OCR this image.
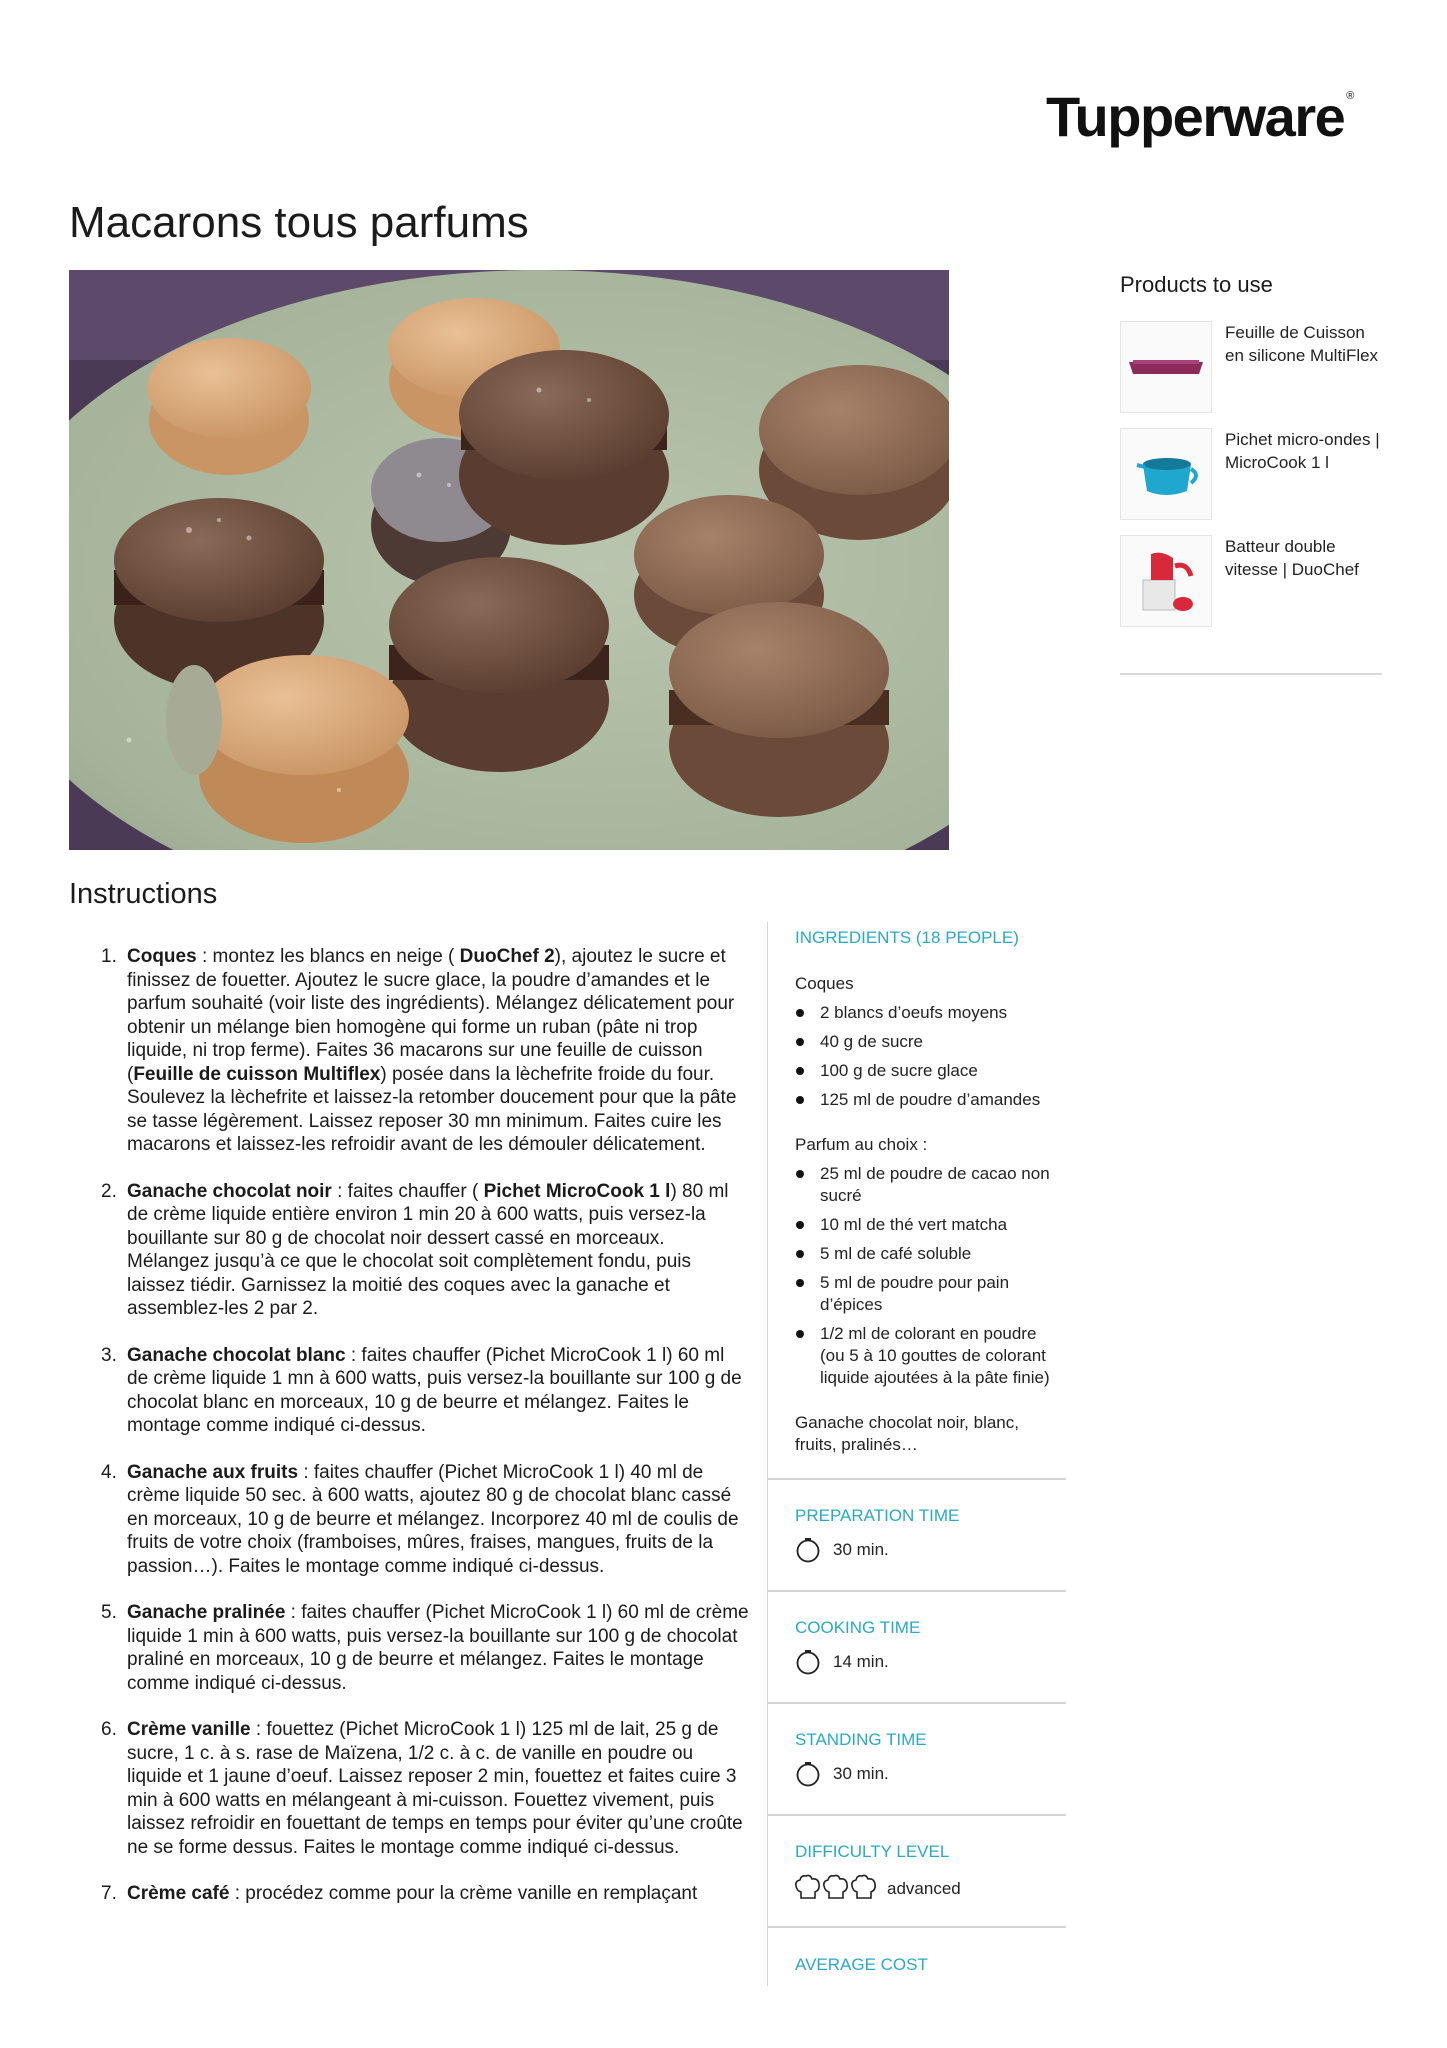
Tupperware ®
Macarons tous parfums
Products to use
Feuille de Cuisson en silicone MultiFlex
Pichet micro-ondes | MicroCook 1 l
Batteur double vitesse | DuoChef
Instructions
1. Coques : montez les blancs en neige ( DuoChef 2), ajoutez le sucre et finissez de fouetter. Ajoutez le sucre glace, la poudre d’amandes et le parfum souhaité (voir liste des ingrédients). Mélangez délicatement pour obtenir un mélange bien homogène qui forme un ruban (pâte ni trop liquide, ni trop ferme). Faites 36 macarons sur une feuille de cuisson (Feuille de cuisson Multiflex) posée dans la lèchefrite froide du four. Soulevez la lèchefrite et laissez-la retomber doucement pour que la pâte se tasse légèrement. Laissez reposer 30 mn minimum. Faites cuire les macarons et laissez-les refroidir avant de les démouler délicatement.
2. Ganache chocolat noir : faites chauffer ( Pichet MicroCook 1 l) 80 ml de crème liquide entière environ 1 min 20 à 600 watts, puis versez-la bouillante sur 80 g de chocolat noir dessert cassé en morceaux. Mélangez jusqu’à ce que le chocolat soit complètement fondu, puis laissez tiédir. Garnissez la moitié des coques avec la ganache et assemblez-les 2 par 2.
3. Ganache chocolat blanc : faites chauffer (Pichet MicroCook 1 l) 60 ml de crème liquide 1 mn à 600 watts, puis versez-la bouillante sur 100 g de chocolat blanc en morceaux, 10 g de beurre et mélangez. Faites le montage comme indiqué ci-dessus.
4. Ganache aux fruits : faites chauffer (Pichet MicroCook 1 l) 40 ml de crème liquide 50 sec. à 600 watts, ajoutez 80 g de chocolat blanc cassé en morceaux, 10 g de beurre et mélangez. Incorporez 40 ml de coulis de fruits de votre choix (framboises, mûres, fraises, mangues, fruits de la passion…). Faites le montage comme indiqué ci-dessus.
5. Ganache pralinée : faites chauffer (Pichet MicroCook 1 l) 60 ml de crème liquide 1 min à 600 watts, puis versez-la bouillante sur 100 g de chocolat praliné en morceaux, 10 g de beurre et mélangez. Faites le montage comme indiqué ci-dessus.
6. Crème vanille : fouettez (Pichet MicroCook 1 l) 125 ml de lait, 25 g de sucre, 1 c. à s. rase de Maïzena, 1/2 c. à c. de vanille en poudre ou liquide et 1 jaune d’oeuf. Laissez reposer 2 min, fouettez et faites cuire 3 min à 600 watts en mélangeant à mi-cuisson. Fouettez vivement, puis laissez refroidir en fouettant de temps en temps pour éviter qu’une croûte ne se forme dessus. Faites le montage comme indiqué ci-dessus.
7. Crème café : procédez comme pour la crème vanille en remplaçant
INGREDIENTS (18 PEOPLE)
Coques
2 blancs d’oeufs moyens
40 g de sucre
100 g de sucre glace
125 ml de poudre d’amandes
Parfum au choix :
25 ml de poudre de cacao non sucré
10 ml de thé vert matcha
5 ml de café soluble
5 ml de poudre pour pain d’épices
1/2 ml de colorant en poudre (ou 5 à 10 gouttes de colorant liquide ajoutées à la pâte finie)
Ganache chocolat noir, blanc, fruits, pralinés…
PREPARATION TIME
30 min.
COOKING TIME
14 min.
STANDING TIME
30 min.
DIFFICULTY LEVEL
advanced
AVERAGE COST
